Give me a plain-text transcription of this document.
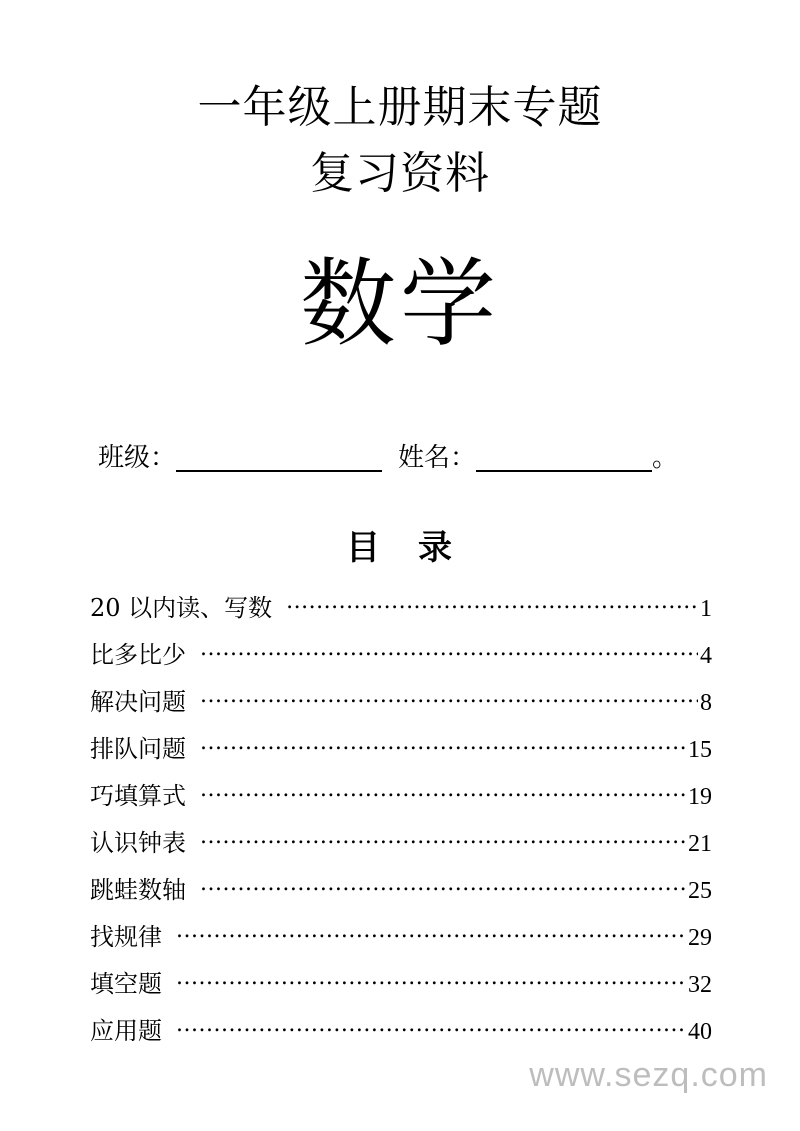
一年级上册期末专题
复习资料
数学
班级：	姓名：	。
目 录
20 以内读、写数 .....	1
比多比少 .....	4
解决问题 .....	8
排队问题 .....	15
巧填算式 .....	19
认识钟表 .....	21
跳蛙数轴 .....	25
找规律 .....	29
填空题 .....	32
应用题 .....	40
www.sezq.com
